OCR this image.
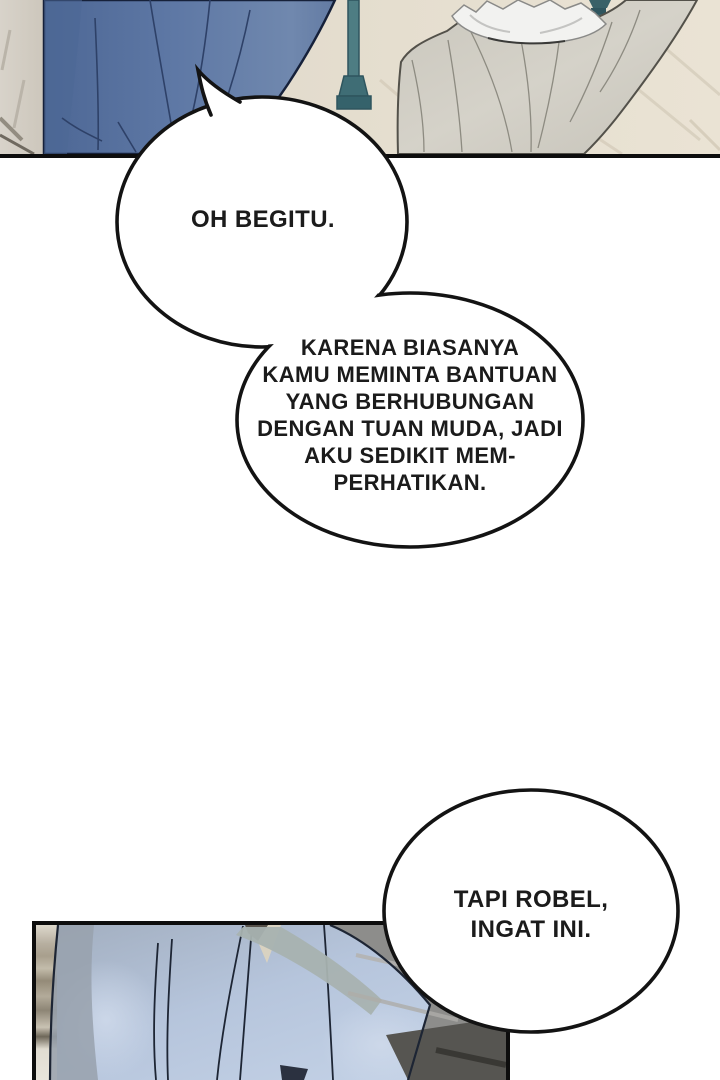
OH BEGITU.
KARENA BIASANYA
KAMU MEMINTA BANTUAN
YANG BERHUBUNGAN
DENGAN TUAN MUDA, JADI
AKU SEDIKIT MEM-
PERHATIKAN.
TAPI ROBEL,
INGAT INI.
